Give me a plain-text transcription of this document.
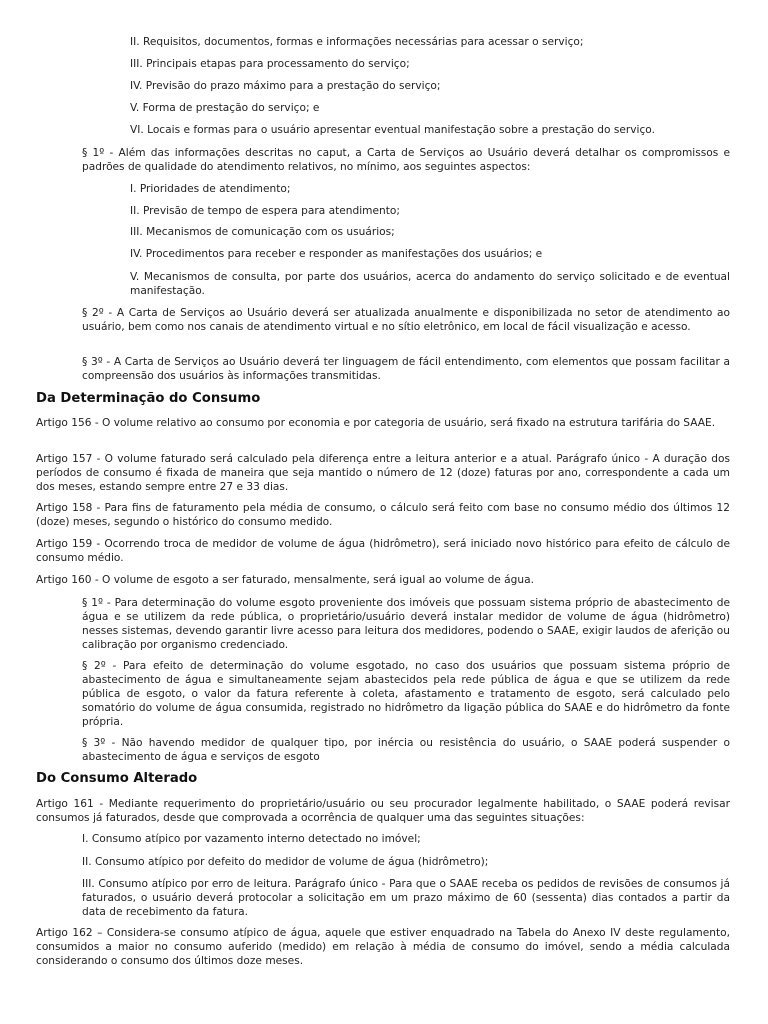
II. Requisitos, documentos, formas e informações necessárias para acessar o serviço;

III. Principais etapas para processamento do serviço;

IV. Previsão do prazo máximo para a prestação do serviço;

V. Forma de prestação do serviço; e

VI. Locais e formas para o usuário apresentar eventual manifestação sobre a prestação do serviço.

§ 1º - Além das informações descritas no caput, a Carta de Serviços ao Usuário deverá detalhar os compromissos e padrões de qualidade do atendimento relativos, no mínimo, aos seguintes aspectos:

I. Prioridades de atendimento;

II. Previsão de tempo de espera para atendimento;

III. Mecanismos de comunicação com os usuários;

IV. Procedimentos para receber e responder as manifestações dos usuários; e

V. Mecanismos de consulta, por parte dos usuários, acerca do andamento do serviço solicitado e de eventual manifestação.

§ 2º - A Carta de Serviços ao Usuário deverá ser atualizada anualmente e disponibilizada no setor de atendimento ao usuário, bem como nos canais de atendimento virtual e no sítio eletrônico, em local de fácil visualização e acesso.

§ 3º - A Carta de Serviços ao Usuário deverá ter linguagem de fácil entendimento, com elementos que possam facilitar a compreensão dos usuários às informações transmitidas.

Da Determinação do Consumo

Artigo 156 - O volume relativo ao consumo por economia e por categoria de usuário, será fixado na estrutura tarifária do SAAE.

Artigo 157 - O volume faturado será calculado pela diferença entre a leitura anterior e a atual. Parágrafo único - A duração dos períodos de consumo é fixada de maneira que seja mantido o número de 12 (doze) faturas por ano, correspondente a cada um dos meses, estando sempre entre 27 e 33 dias.

Artigo 158 - Para fins de faturamento pela média de consumo, o cálculo será feito com base no consumo médio dos últimos 12 (doze) meses, segundo o histórico do consumo medido.

Artigo 159 - Ocorrendo troca de medidor de volume de água (hidrômetro), será iniciado novo histórico para efeito de cálculo de consumo médio.

Artigo 160 - O volume de esgoto a ser faturado, mensalmente, será igual ao volume de água.

§ 1º - Para determinação do volume esgoto proveniente dos imóveis que possuam sistema próprio de abastecimento de água e se utilizem da rede pública, o proprietário/usuário deverá instalar medidor de volume de água (hidrômetro) nesses sistemas, devendo garantir livre acesso para leitura dos medidores, podendo o SAAE, exigir laudos de aferição ou calibração por organismo credenciado.

§ 2º - Para efeito de determinação do volume esgotado, no caso dos usuários que possuam sistema próprio de abastecimento de água e simultaneamente sejam abastecidos pela rede pública de água e que se utilizem da rede pública de esgoto, o valor da fatura referente à coleta, afastamento e tratamento de esgoto, será calculado pelo somatório do volume de água consumida, registrado no hidrômetro da ligação pública do SAAE e do hidrômetro da fonte própria.

§ 3º - Não havendo medidor de qualquer tipo, por inércia ou resistência do usuário, o SAAE poderá suspender o abastecimento de água e serviços de esgoto

Do Consumo Alterado

Artigo 161 - Mediante requerimento do proprietário/usuário ou seu procurador legalmente habilitado, o SAAE poderá revisar consumos já faturados, desde que comprovada a ocorrência de qualquer uma das seguintes situações:

I. Consumo atípico por vazamento interno detectado no imóvel;

II. Consumo atípico por defeito do medidor de volume de água (hidrômetro);

III. Consumo atípico por erro de leitura. Parágrafo único - Para que o SAAE receba os pedidos de revisões de consumos já faturados, o usuário deverá protocolar a solicitação em um prazo máximo de 60 (sessenta) dias contados a partir da data de recebimento da fatura.

Artigo 162 – Considera-se consumo atípico de água, aquele que estiver enquadrado na Tabela do Anexo IV deste regulamento, consumidos a maior no consumo auferido (medido) em relação à média de consumo do imóvel, sendo a média calculada considerando o consumo dos últimos doze meses.
